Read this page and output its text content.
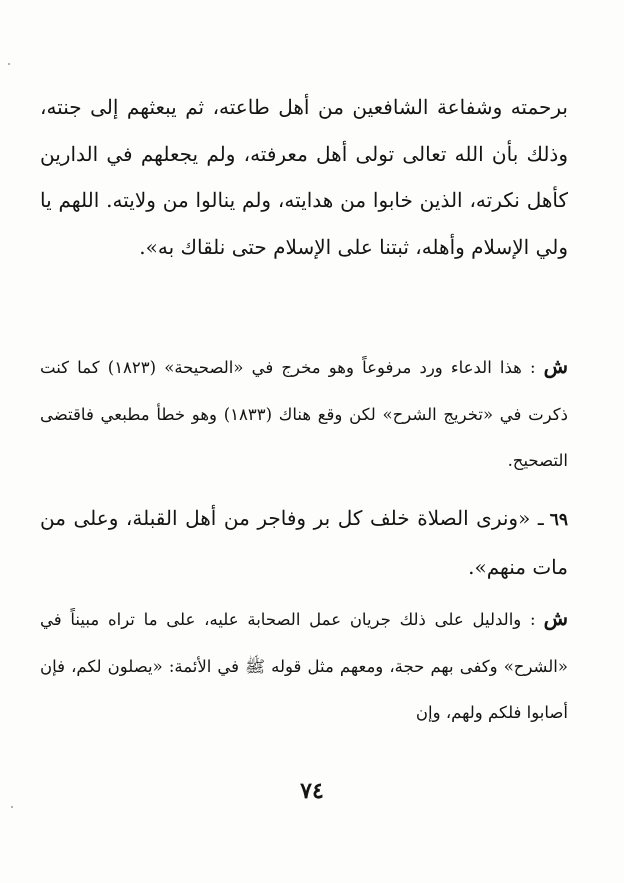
برحمته وشفاعة الشافعين من أهل طاعته، ثم يبعثهم إلى جنته، وذلك بأن الله تعالى تولى أهل معرفته، ولم يجعلهم في الدارين كأهل نكرته، الذين خابوا من هدايته، ولم ينالوا من ولايته. اللهم يا ولي الإسلام وأهله، ثبتنا على الإسلام حتى نلقاك به».

ش: هذا الدعاء ورد مرفوعاً وهو مخرج في «الصحيحة» (١٨٢٣) كما كنت ذكرت في «تخريج الشرح» لكن وقع هناك (١٨٣٣) وهو خطأ مطبعي فاقتضى التصحيح.

٦٩ـ «ونرى الصلاة خلف كل بر وفاجر من أهل القبلة، وعلى من مات منهم».

ش: والدليل على ذلك جريان عمل الصحابة عليه، على ما تراه مبيناً في «الشرح» وكفى بهم حجة، ومعهم مثل قوله ﷺ في الأئمة: «يصلون لكم، فإن أصابوا فلكم ولهم، وإن

٧٤
